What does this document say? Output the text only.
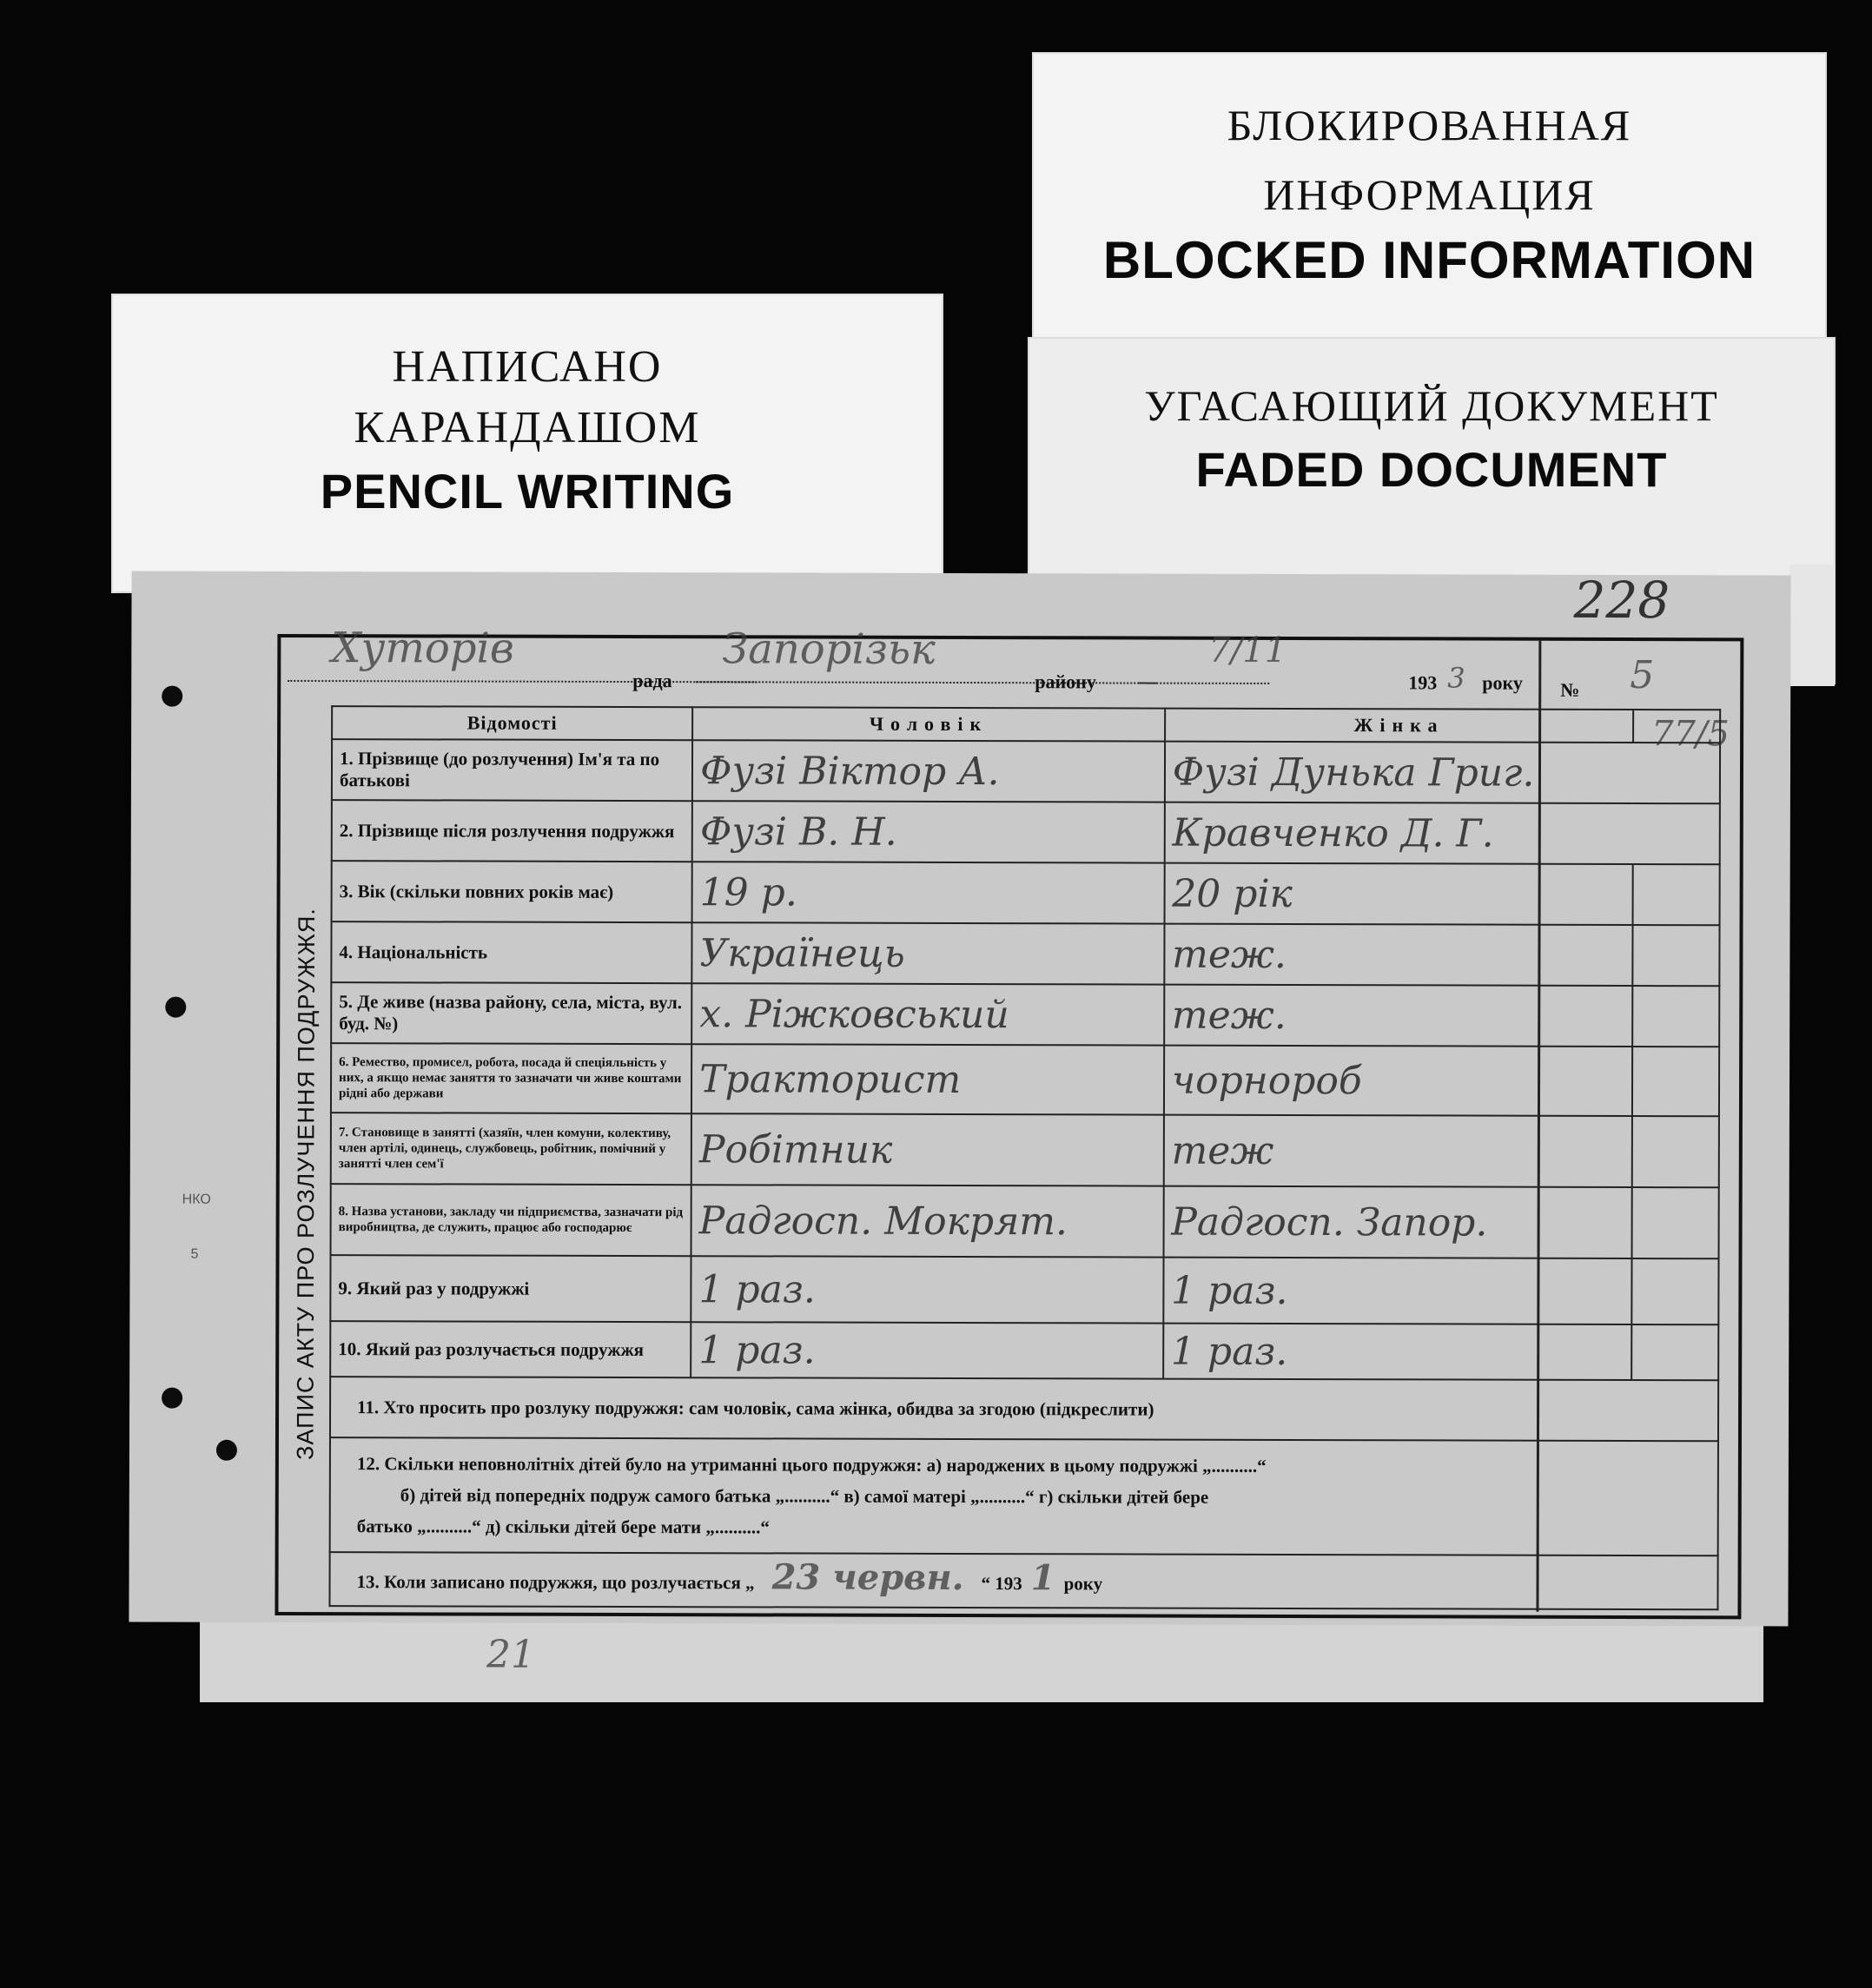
НАПИСАНО
КАРАНДАШОМ
PENCIL WRITING
УГАСАЮЩИЙ ДОКУМЕНТ
FADED DOCUMENT
БЛОКИРОВАННАЯ
ИНФОРМАЦИЯ
BLOCKED INFORMATION
21
228
НКО
5
Хуторів
рада
Запорізьк
району
7/11
193 3 року № 5
77/5
ЗАПИС АКТУ ПРО РОЗЛУЧЕННЯ ПОДРУЖЖЯ.
Відомості	Чоловік	Жінка	
1. Прізвище (до розлучення) Ім'я та по батькові	Фузі Віктор А.	Фузі Дунька Григ.	
2. Прізвище після розлучення подружжя	Фузі В. Н.	Кравченко Д. Г.	
3. Вік (скільки повних років має)	19 р.	20 рік	
4. Національність	Українець	теж.	
5. Де живе (назва району, села, міста, вул. буд. №)	х. Ріжковський	теж.	
6. Ремество, промисел, робота, посада й спеціяльність у них, а якщо немає заняття то зазначати чи живе коштами рідні або держави	Тракторист	чорнороб	
7. Становище в занятті (хазяїн, член комуни, колективу, член артілі, одинець, службовець, робітник, помічний у занятті член сем'ї	Робітник	теж	
8. Назва установи, закладу чи підприємства, зазначати рід виробництва, де служить, працює або господарює	Радгосп. Мокрят.	Радгосп. Запор.	
9. Який раз у подружжі	1 раз.	1 раз.	
10. Який раз розлучається подружжя	1 раз.	1 раз.	
11. Хто просить про розлуку подружжя: сам чоловік, сама жінка, обидва за згодою (підкреслити)			

12. Скільки неповнолітніх дітей було на утриманні цього подружжя: а) народжених в цьому подружжі „..........“
б) дітей від попередніх подруж самого батька „..........“ в) самої матері „..........“ г) скільки дітей бере
батько „..........“ д) скільки дітей бере мати „..........“			

13. Коли записано подружжя, що розлучається „ 23 червн. “ 193 1 року			
